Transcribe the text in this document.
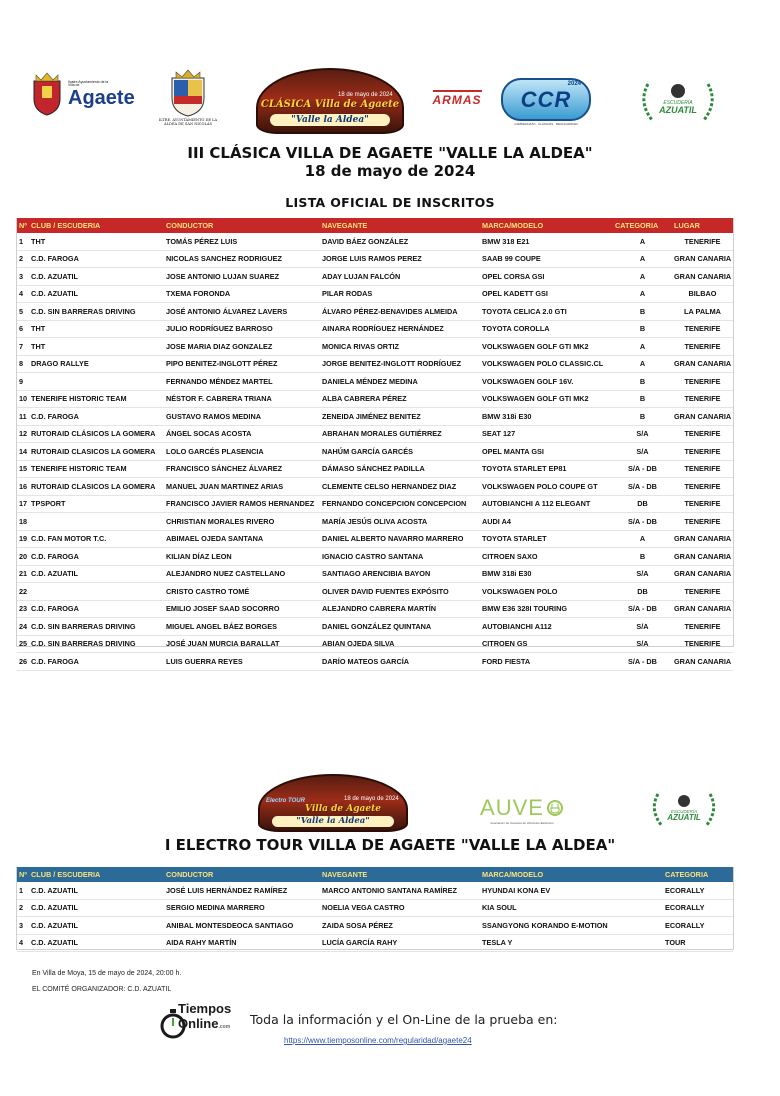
Ilustre Ayuntamiento de la Villa de
Agaete
ILTRE. AYUNTAMIENTO DE LA ALDEA DE SAN NICOLÁS
18 de mayo de 2024
CLÁSICA Villa de Agaete
"Valle la Aldea"
ARMAS CCR
2024
CAMPEONATO · CLÁSICOS · REGULARIDAD
ESCUDERÍA
AZUATIL
III CLÁSICA VILLA DE AGAETE "VALLE LA ALDEA"
18 de mayo de 2024
LISTA OFICIAL DE INSCRITOS
Nº	CLUB / ESCUDERIA	CONDUCTOR	NAVEGANTE	MARCA/MODELO	CATEGORIA	LUGAR
1	THT	TOMÁS PÉREZ LUIS	DAVID BÁEZ GONZÁLEZ	BMW 318 E21	A	TENERIFE
2	C.D. FAROGA	NICOLAS SANCHEZ RODRIGUEZ	JORGE LUIS RAMOS PEREZ	SAAB 99 COUPE	A	GRAN CANARIA
3	C.D. AZUATIL	JOSE ANTONIO LUJAN SUAREZ	ADAY LUJAN FALCÓN	OPEL CORSA GSI	A	GRAN CANARIA
4	C.D. AZUATIL	TXEMA FORONDA	PILAR RODAS	OPEL KADETT GSI	A	BILBAO
5	C.D. SIN BARRERAS DRIVING	JOSÉ ANTONIO ÁLVAREZ LAVERS	ÁLVARO PÉREZ-BENAVIDES ALMEIDA	TOYOTA CELICA 2.0 GTI	B	LA PALMA
6	THT	JULIO RODRÍGUEZ BARROSO	AINARA RODRÍGUEZ HERNÁNDEZ	TOYOTA COROLLA	B	TENERIFE
7	THT	JOSE MARIA DIAZ GONZALEZ	MONICA RIVAS ORTIZ	VOLKSWAGEN GOLF GTI MK2	A	TENERIFE
8	DRAGO RALLYE	PIPO BENITEZ-INGLOTT PÉREZ	JORGE BENITEZ-INGLOTT RODRÍGUEZ	VOLKSWAGEN POLO CLASSIC.CL	A	GRAN CANARIA
9		FERNANDO MÉNDEZ MARTEL	DANIELA MÉNDEZ MEDINA	VOLKSWAGEN GOLF 16V.	B	TENERIFE
10	TENERIFE HISTORIC TEAM	NÉSTOR F. CABRERA TRIANA	ALBA CABRERA PÉREZ	VOLKSWAGEN GOLF GTI MK2	B	TENERIFE
11	C.D. FAROGA	GUSTAVO RAMOS MEDINA	ZENEIDA JIMÉNEZ BENITEZ	BMW 318i E30	B	GRAN CANARIA
12	RUTORAID CLÁSICOS LA GOMERA	ÁNGEL SOCAS ACOSTA	ABRAHAN MORALES GUTIÉRREZ	SEAT 127	S/A	TENERIFE
14	RUTORAID CLASICOS LA GOMERA	LOLO GARCÉS PLASENCIA	NAHÚM GARCÍA GARCÉS	OPEL MANTA GSI	S/A	TENERIFE
15	TENERIFE HISTORIC TEAM	FRANCISCO SÁNCHEZ ÁLVAREZ	DÁMASO SÁNCHEZ PADILLA	TOYOTA STARLET EP81	S/A - DB	TENERIFE
16	RUTORAID CLASICOS LA GOMERA	MANUEL JUAN MARTINEZ ARIAS	CLEMENTE CELSO HERNANDEZ DIAZ	VOLKSWAGEN POLO COUPE GT	S/A - DB	TENERIFE
17	TPSPORT	FRANCISCO JAVIER RAMOS HERNANDEZ	FERNANDO CONCEPCION CONCEPCION	AUTOBIANCHI A 112 ELEGANT	DB	TENERIFE
18		CHRISTIAN MORALES RIVERO	MARÍA JESÚS OLIVA ACOSTA	AUDI A4	S/A - DB	TENERIFE
19	C.D. FAN MOTOR T.C.	ABIMAEL OJEDA SANTANA	DANIEL ALBERTO NAVARRO MARRERO	TOYOTA STARLET	A	GRAN CANARIA
20	C.D. FAROGA	KILIAN DÍAZ LEON	IGNACIO CASTRO SANTANA	CITROEN SAXO	B	GRAN CANARIA
21	C.D. AZUATIL	ALEJANDRO NUEZ CASTELLANO	SANTIAGO ARENCIBIA BAYON	BMW 318i E30	S/A	GRAN CANARIA
22		CRISTO CASTRO TOMÉ	OLIVER DAVID FUENTES EXPÓSITO	VOLKSWAGEN POLO	DB	TENERIFE
23	C.D. FAROGA	EMILIO JOSEF SAAD SOCORRO	ALEJANDRO CABRERA MARTÍN	BMW E36 328I TOURING	S/A - DB	GRAN CANARIA
24	C.D. SIN BARRERAS DRIVING	MIGUEL ANGEL BÁEZ BORGES	DANIEL GONZÁLEZ QUINTANA	AUTOBIANCHI A112	S/A	TENERIFE
25	C.D. SIN BARRERAS DRIVING	JOSÉ JUAN MURCIA BARALLAT	ABIAN OJEDA SILVA	CITROEN GS	S/A	TENERIFE
26	C.D. FAROGA	LUIS GUERRA REYES	DARÍO MATEOS GARCÍA	FORD FIESTA	S/A - DB	GRAN CANARIA
18 de mayo de 2024
Electro TOUR
Villa de Agaete
"Valle la Aldea"
AUVE
Asociación de Usuarios de Vehículos Eléctricos
ESCUDERÍA
AZUATIL
I ELECTRO TOUR VILLA DE AGAETE "VALLE LA ALDEA"
Nº	CLUB / ESCUDERIA	CONDUCTOR	NAVEGANTE	MARCA/MODELO	CATEGORIA
1	C.D. AZUATIL	JOSÉ LUIS HERNÁNDEZ RAMÍREZ	MARCO ANTONIO SANTANA RAMÍREZ	HYUNDAI KONA EV	ECORALLY
2	C.D. AZUATIL	SERGIO MEDINA MARRERO	NOELIA VEGA CASTRO	KIA SOUL	ECORALLY
3	C.D. AZUATIL	ANIBAL MONTESDEOCA SANTIAGO	ZAIDA SOSA PÉREZ	SSANGYONG KORANDO E-MOTION	ECORALLY
4	C.D. AZUATIL	AIDA RAHY MARTÍN	LUCÍA GARCÍA RAHY	TESLA Y	TOUR
En Villa de Moya, 15 de mayo de 2024, 20:00 h.
EL COMITÉ ORGANIZADOR: C.D. AZUATIL
Tiempos
Online.com Toda la información y el On-Line de la prueba en:
https://www.tiemposonline.com/regularidad/agaete24
